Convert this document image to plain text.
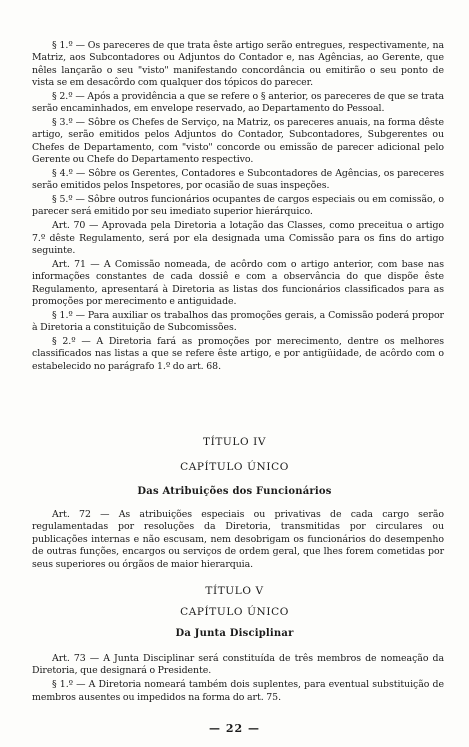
§ 1.º — Os pareceres de que trata êste artigo serão entregues, respectivamente, na Matriz, aos Subcontadores ou Adjuntos do Contador e, nas Agências, ao Gerente, que nêles lançarão o seu "visto" manifestando concordância ou emitirão o seu ponto de vista se em desacôrdo com qualquer dos tópicos do parecer.

§ 2.º — Após a providência a que se refere o § anterior, os pareceres de que se trata serão encaminhados, em envelope reservado, ao Departamento do Pessoal.

§ 3.º — Sôbre os Chefes de Serviço, na Matriz, os pareceres anuais, na forma dêste artigo, serão emitidos pelos Adjuntos do Contador, Subcontadores, Subgerentes ou Chefes de Departamento, com "visto" concorde ou emissão de parecer adicional pelo Gerente ou Chefe do Departamento respectivo.

§ 4.º — Sôbre os Gerentes, Contadores e Subcontadores de Agências, os pareceres serão emitidos pelos Inspetores, por ocasião de suas inspeções.

§ 5.º — Sôbre outros funcionários ocupantes de cargos especiais ou em comissão, o parecer será emitido por seu imediato superior hierárquico.

Art. 70 — Aprovada pela Diretoria a lotação das Classes, como preceitua o artigo 7.º dêste Regulamento, será por ela designada uma Comissão para os fins do artigo seguinte.

Art. 71 — A Comissão nomeada, de acôrdo com o artigo anterior, com base nas informações constantes de cada dossiê e com a observância do que dispõe êste Regulamento, apresentará à Diretoria as listas dos funcionários classificados para as promoções por merecimento e antiguidade.

§ 1.º — Para auxiliar os trabalhos das promoções gerais, a Comissão poderá propor à Diretoria a constituição de Subcomissões.

§ 2.º — A Diretoria fará as promoções por merecimento, dentre os melhores classificados nas listas a que se refere êste artigo, e por antigüidade, de acôrdo com o estabelecido no parágrafo 1.º do art. 68.

TÍTULO IV
CAPÍTULO ÚNICO
Das Atribuições dos Funcionários

Art. 72 — As atribuições especiais ou privativas de cada cargo serão regulamentadas por resoluções da Diretoria, transmitidas por circulares ou publicações internas e não escusam, nem desobrigam os funcionários do desempenho de outras funções, encargos ou serviços de ordem geral, que lhes forem cometidas por seus superiores ou órgãos de maior hierarquia.

TÍTULO V
CAPÍTULO ÚNICO
Da Junta Disciplinar

Art. 73 — A Junta Disciplinar será constituída de três membros de nomeação da Diretoria, que designará o Presidente.

§ 1.º — A Diretoria nomeará também dois suplentes, para eventual substituição de membros ausentes ou impedidos na forma do art. 75.

— 22 —
